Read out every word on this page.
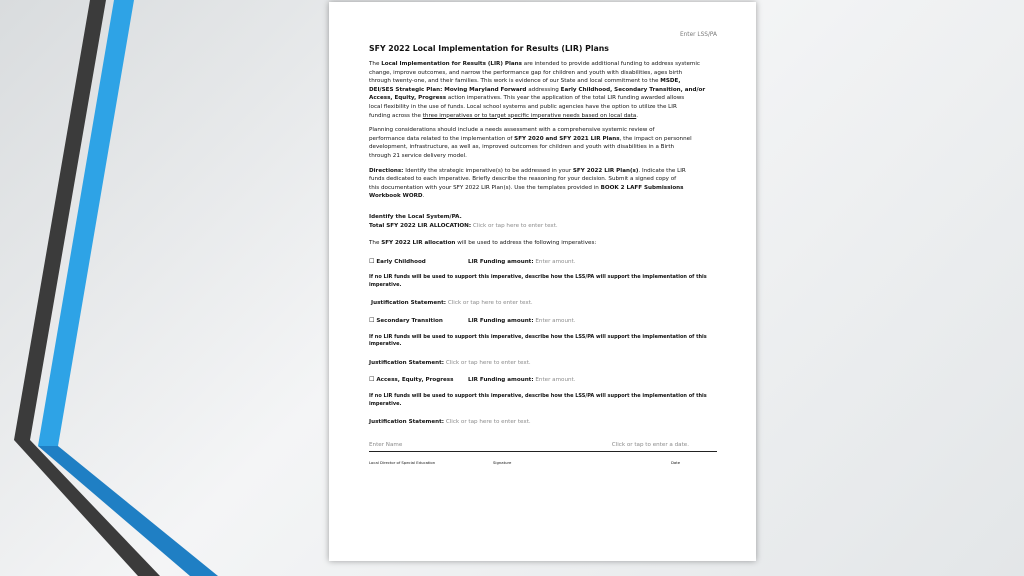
Enter LSS/PA
SFY 2022 Local Implementation for Results (LIR) Plans
The Local Implementation for Results (LIR) Plans are intended to provide additional funding to address systemic
change, improve outcomes, and narrow the performance gap for children and youth with disabilities, ages birth
through twenty-one, and their families. This work is evidence of our State and local commitment to the MSDE,
DEI/SES Strategic Plan: Moving Maryland Forward addressing Early Childhood, Secondary Transition, and/or
Access, Equity, Progress action imperatives. This year the application of the total LIR funding awarded allows
local flexibility in the use of funds. Local school systems and public agencies have the option to utilize the LIR
funding across the three imperatives or to target specific imperative needs based on local data.
Planning considerations should include a needs assessment with a comprehensive systemic review of
performance data related to the implementation of SFY 2020 and SFY 2021 LIR Plans, the impact on personnel
development, infrastructure, as well as, improved outcomes for children and youth with disabilities in a Birth
through 21 service delivery model.
Directions: Identify the strategic imperative(s) to be addressed in your SFY 2022 LIR Plan(s). Indicate the LIR
funds dedicated to each imperative. Briefly describe the reasoning for your decision. Submit a signed copy of
this documentation with your SFY 2022 LIR Plan(s). Use the templates provided in BOOK 2 LAFF Submissions
Workbook WORD.
Identify the Local System/PA.
Total SFY 2022 LIR ALLOCATION: Click or tap here to enter text.
The SFY 2022 LIR allocation will be used to address the following imperatives:
☐ Early Childhood	LIR Funding amount: Enter amount.
If no LIR funds will be used to support this imperative, describe how the LSS/PA will support the implementation of this
imperative.
Justification Statement: Click or tap here to enter text.
☐ Secondary Transition	LIR Funding amount: Enter amount.
If no LIR funds will be used to support this imperative, describe how the LSS/PA will support the implementation of this
imperative.
Justification Statement: Click or tap here to enter text.
☐ Access, Equity, Progress	LIR Funding amount: Enter amount.
If no LIR funds will be used to support this imperative, describe how the LSS/PA will support the implementation of this
imperative.
Justification Statement: Click or tap here to enter text.
Enter Name	Click or tap to enter a date.
Local Director of Special Education	Signature	Date
